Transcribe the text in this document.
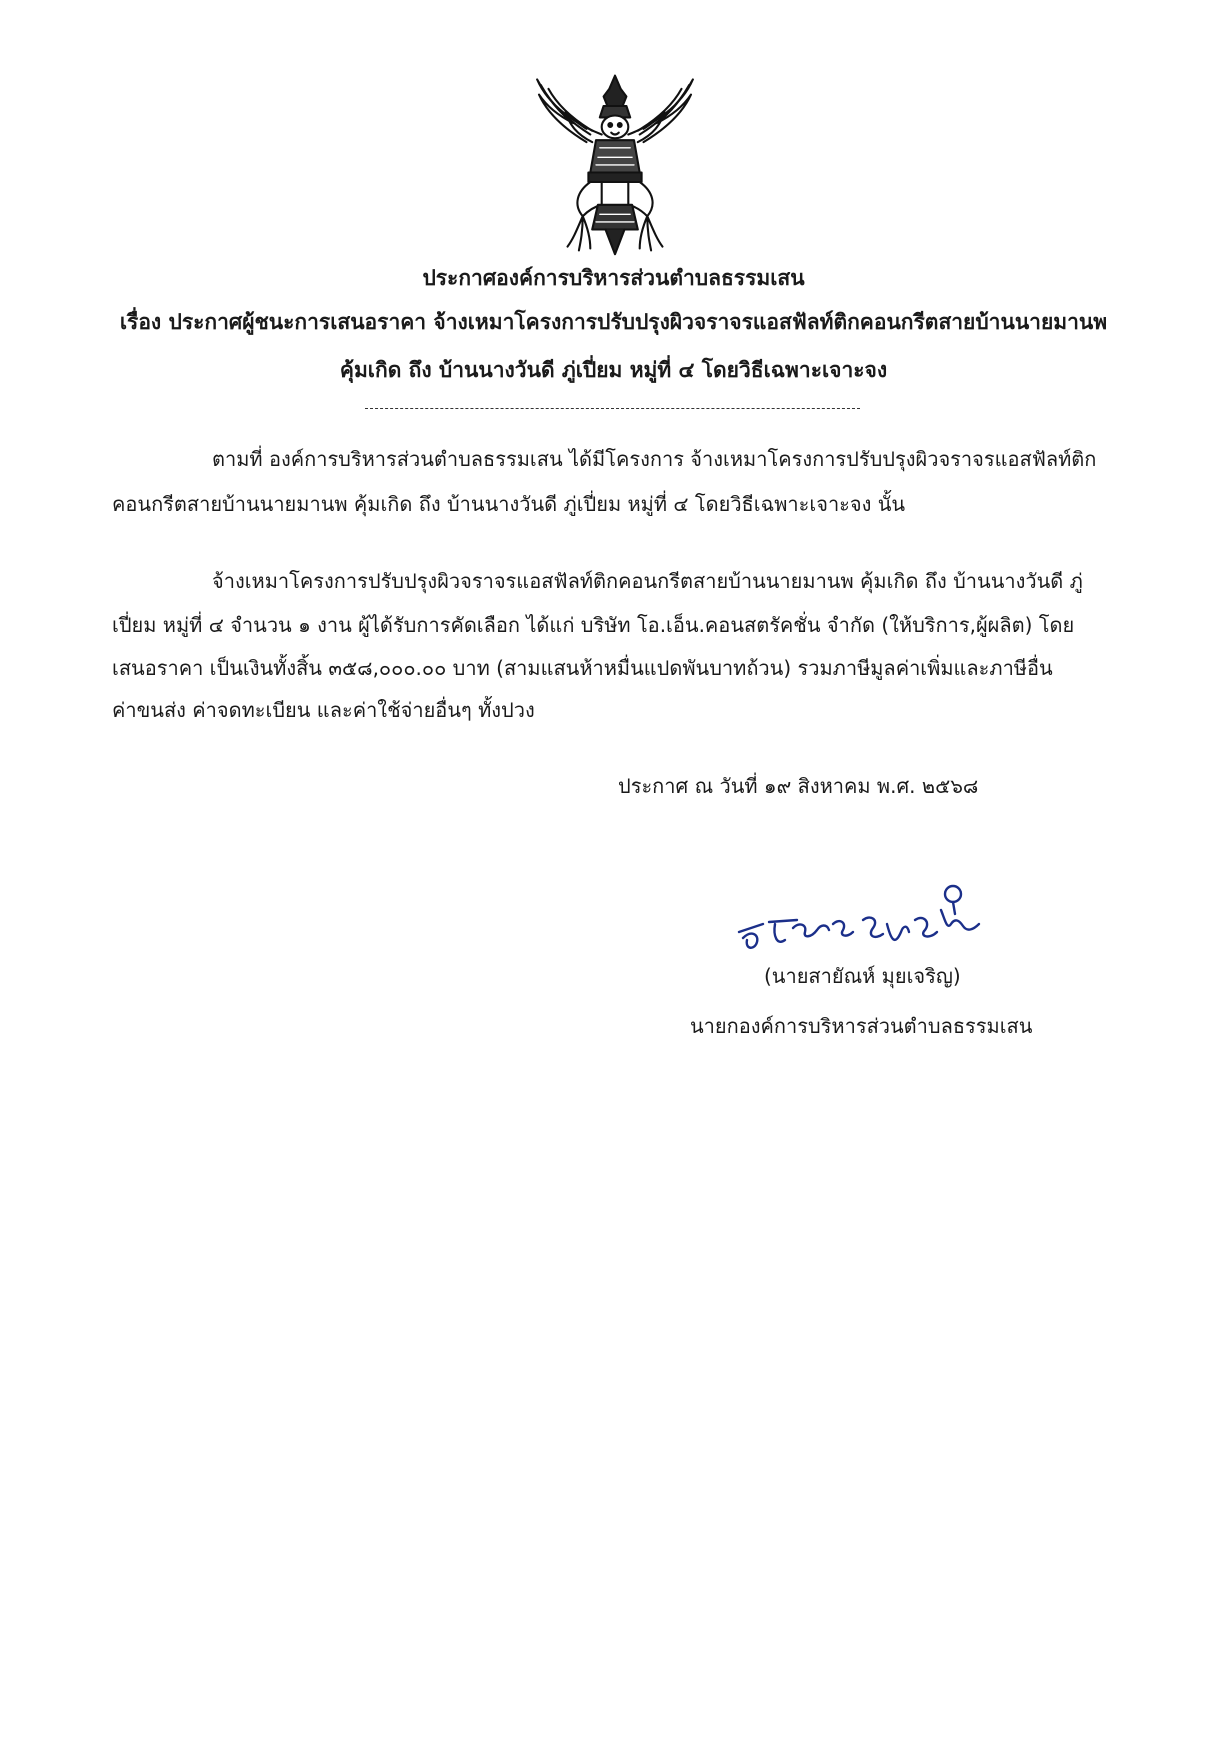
ประกาศองค์การบริหารส่วนตำบลธรรมเสน
เรื่อง ประกาศผู้ชนะการเสนอราคา จ้างเหมาโครงการปรับปรุงผิวจราจรแอสฟัลท์ติกคอนกรีตสายบ้านนายมานพ
คุ้มเกิด ถึง บ้านนางวันดี ภู่เปี่ยม หมู่ที่ ๔ โดยวิธีเฉพาะเจาะจง
ตามที่ องค์การบริหารส่วนตำบลธรรมเสน ได้มีโครงการ จ้างเหมาโครงการปรับปรุงผิวจราจรแอสฟัลท์ติก
คอนกรีตสายบ้านนายมานพ คุ้มเกิด ถึง บ้านนางวันดี ภู่เปี่ยม หมู่ที่ ๔ โดยวิธีเฉพาะเจาะจง นั้น
จ้างเหมาโครงการปรับปรุงผิวจราจรแอสฟัลท์ติกคอนกรีตสายบ้านนายมานพ คุ้มเกิด ถึง บ้านนางวันดี ภู่
เปี่ยม หมู่ที่ ๔ จำนวน ๑ งาน ผู้ได้รับการคัดเลือก ได้แก่ บริษัท โอ.เอ็น.คอนสตรัคชั่น จำกัด (ให้บริการ,ผู้ผลิต) โดย
เสนอราคา เป็นเงินทั้งสิ้น ๓๕๘,๐๐๐.๐๐ บาท (สามแสนห้าหมื่นแปดพันบาทถ้วน) รวมภาษีมูลค่าเพิ่มและภาษีอื่น
ค่าขนส่ง ค่าจดทะเบียน และค่าใช้จ่ายอื่นๆ ทั้งปวง
ประกาศ ณ วันที่ ๑๙ สิงหาคม พ.ศ. ๒๕๖๘
(นายสายัณห์ มุยเจริญ)
นายกองค์การบริหารส่วนตำบลธรรมเสน
